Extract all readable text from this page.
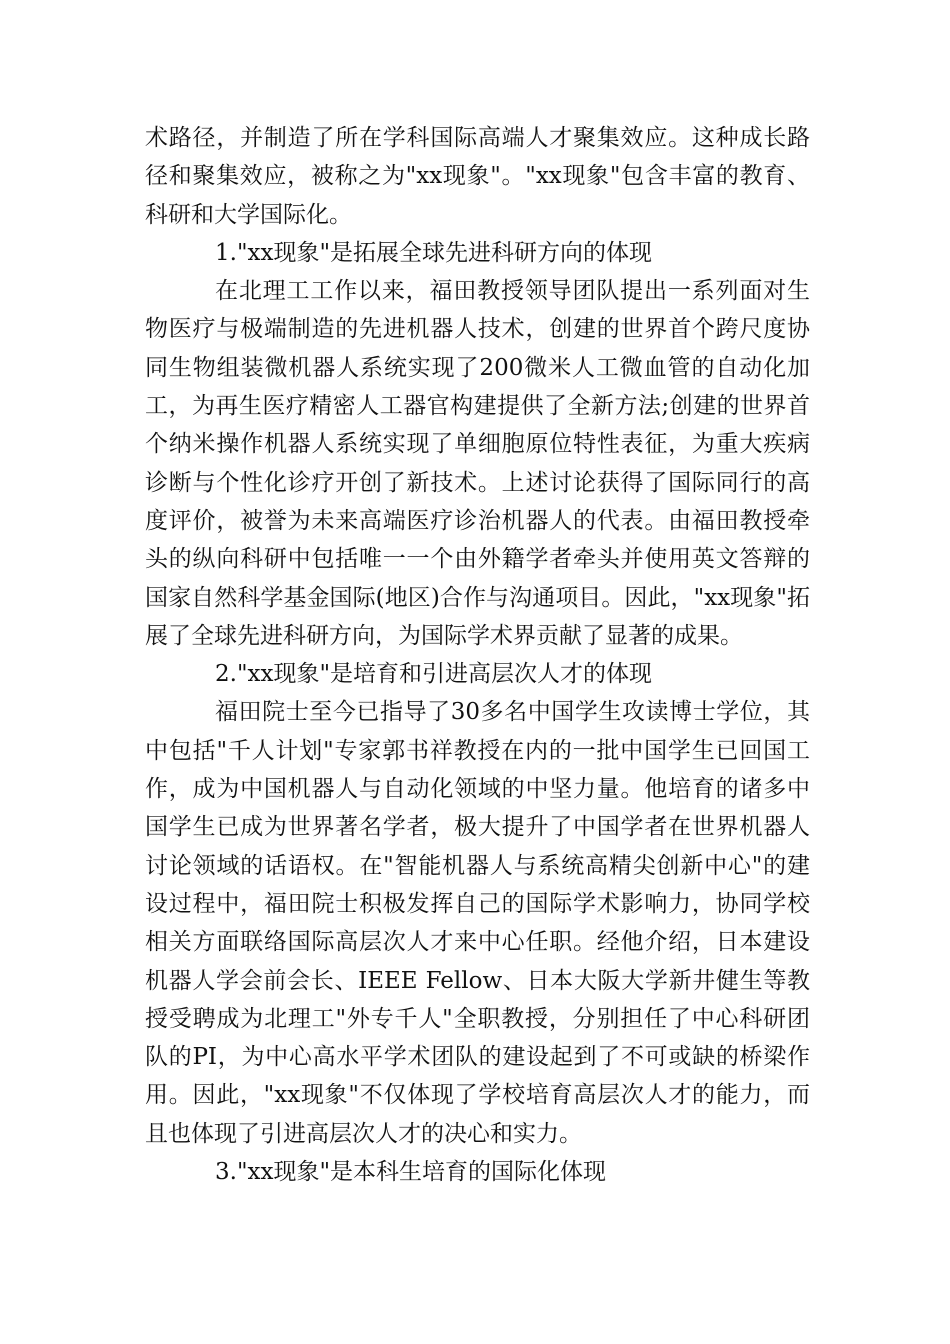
术路径，并制造了所在学科国际高端人才聚集效应。这种成长路径和聚集效应，被称之为"xx现象"。"xx现象"包含丰富的教育、科研和大学国际化。

1."xx现象"是拓展全球先进科研方向的体现

在北理工工作以来，福田教授领导团队提出一系列面对生物医疗与极端制造的先进机器人技术，创建的世界首个跨尺度协同生物组装微机器人系统实现了200微米人工微血管的自动化加工，为再生医疗精密人工器官构建提供了全新方法;创建的世界首个纳米操作机器人系统实现了单细胞原位特性表征，为重大疾病诊断与个性化诊疗开创了新技术。上述讨论获得了国际同行的高度评价，被誉为未来高端医疗诊治机器人的代表。由福田教授牵头的纵向科研中包括唯一一个由外籍学者牵头并使用英文答辩的国家自然科学基金国际(地区)合作与沟通项目。因此，"xx现象"拓展了全球先进科研方向，为国际学术界贡献了显著的成果。

2."xx现象"是培育和引进高层次人才的体现

福田院士至今已指导了30多名中国学生攻读博士学位，其中包括"千人计划"专家郭书祥教授在内的一批中国学生已回国工作，成为中国机器人与自动化领域的中坚力量。他培育的诸多中国学生已成为世界著名学者，极大提升了中国学者在世界机器人讨论领域的话语权。在"智能机器人与系统高精尖创新中心"的建设过程中，福田院士积极发挥自己的国际学术影响力，协同学校相关方面联络国际高层次人才来中心任职。经他介绍，日本建设机器人学会前会长、IEEE Fellow、日本大阪大学新井健生等教授受聘成为北理工"外专千人"全职教授，分别担任了中心科研团队的PI，为中心高水平学术团队的建设起到了不可或缺的桥梁作用。因此，"xx现象"不仅体现了学校培育高层次人才的能力，而且也体现了引进高层次人才的决心和实力。

3."xx现象"是本科生培育的国际化体现
